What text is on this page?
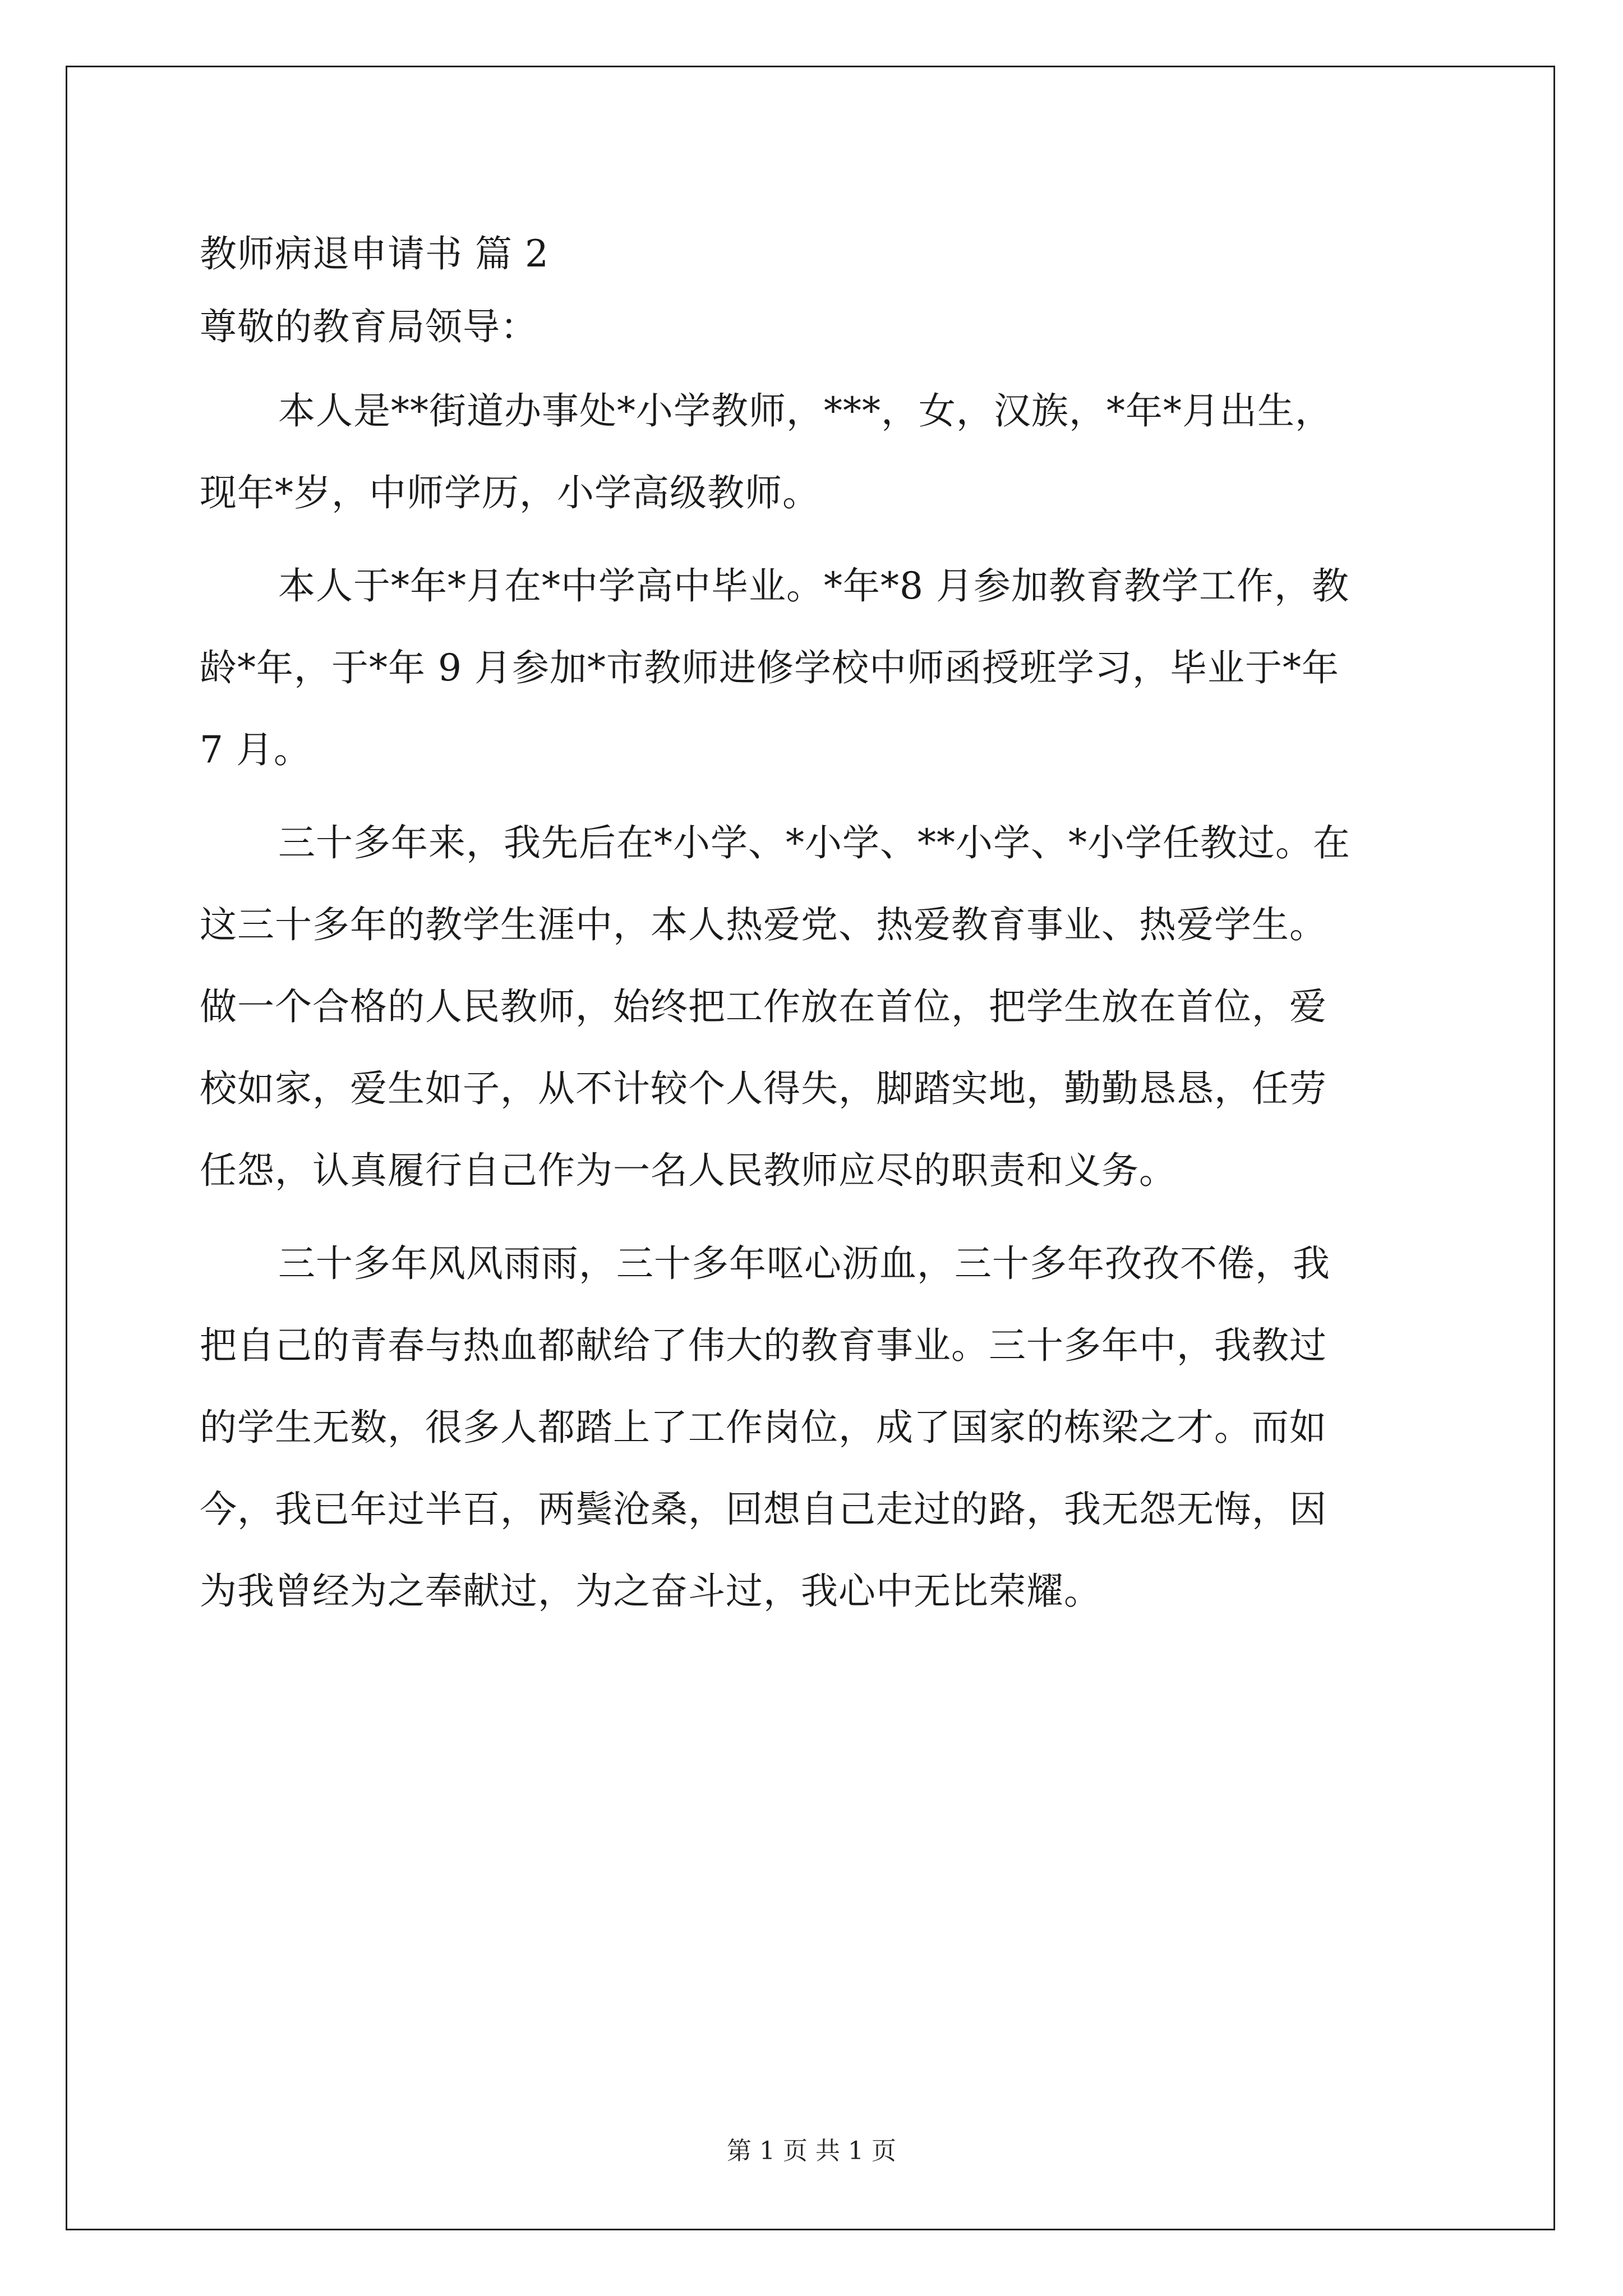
教师病退申请书 篇 2

尊敬的教育局领导：

本人是**街道办事处*小学教师，***，女，汉族，*年*月出生，

现年*岁，中师学历，小学高级教师。

本人于*年*月在*中学高中毕业。*年*8 月参加教育教学工作，教

龄*年，于*年 9 月参加*市教师进修学校中师函授班学习，毕业于*年

7 月。

三十多年来，我先后在*小学、*小学、**小学、*小学任教过。在

这三十多年的教学生涯中，本人热爱党、热爱教育事业、热爱学生。

做一个合格的人民教师，始终把工作放在首位，把学生放在首位，爱

校如家，爱生如子，从不计较个人得失，脚踏实地，勤勤恳恳，任劳

任怨，认真履行自己作为一名人民教师应尽的职责和义务。

三十多年风风雨雨，三十多年呕心沥血，三十多年孜孜不倦，我

把自己的青春与热血都献给了伟大的教育事业。三十多年中，我教过

的学生无数，很多人都踏上了工作岗位，成了国家的栋梁之才。而如

今，我已年过半百，两鬓沧桑，回想自己走过的路，我无怨无悔，因

为我曾经为之奉献过，为之奋斗过，我心中无比荣耀。

第 1 页 共 1 页
